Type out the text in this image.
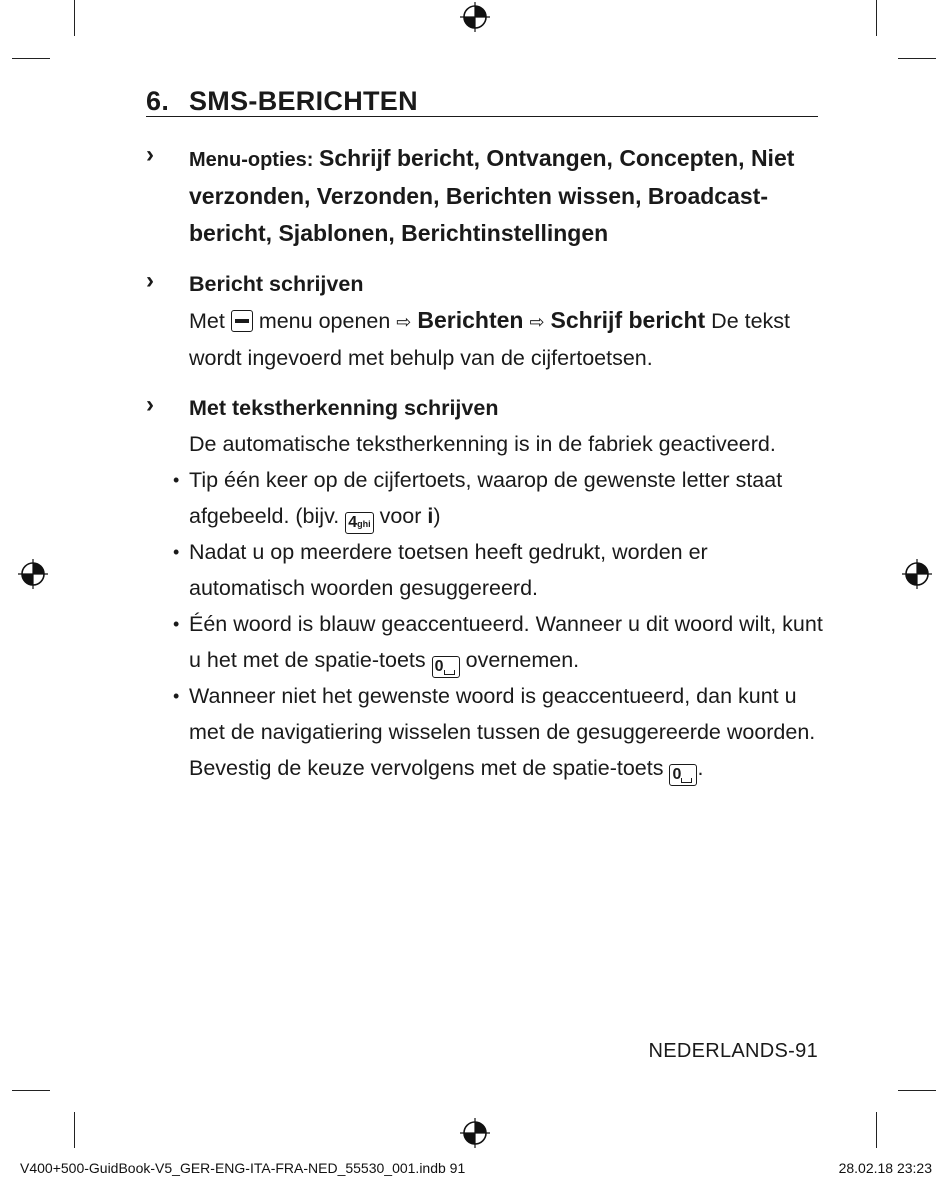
6. SMS-BERICHTEN
›	Menu-opties: Schrijf bericht, Ontvangen, Concepten, Niet verzonden, Verzonden, Berichten wissen, Broadcast-bericht, Sjablonen, Berichtinstellingen
›	Bericht schrijven
Met menu openen ⇨ Berichten ⇨ Schrijf bericht De tekst wordt ingevoerd met behulp van de cijfertoetsen.
›	Met tekstherkenning schrijven
De automatische tekstherkenning is in de fabriek geactiveerd.
• Tip één keer op de cijfertoets, waarop de gewenste letter staat afgebeeld. (bijv. 4ghi voor i)
• Nadat u op meerdere toetsen heeft gedrukt, worden er automatisch woorden gesuggereerd.
• Één woord is blauw geaccentueerd. Wanneer u dit woord wilt, kunt u het met de spatie-toets 0 overnemen.
• Wanneer niet het gewenste woord is geaccentueerd, dan kunt u met de navigatiering wisselen tussen de gesuggereerde woorden. Bevestig de keuze vervolgens met de spatie-toets 0 .
NEDERLANDS-91
V400+500-GuidBook-V5_GER-ENG-ITA-FRA-NED_55530_001.indb 91	28.02.18 23:23
